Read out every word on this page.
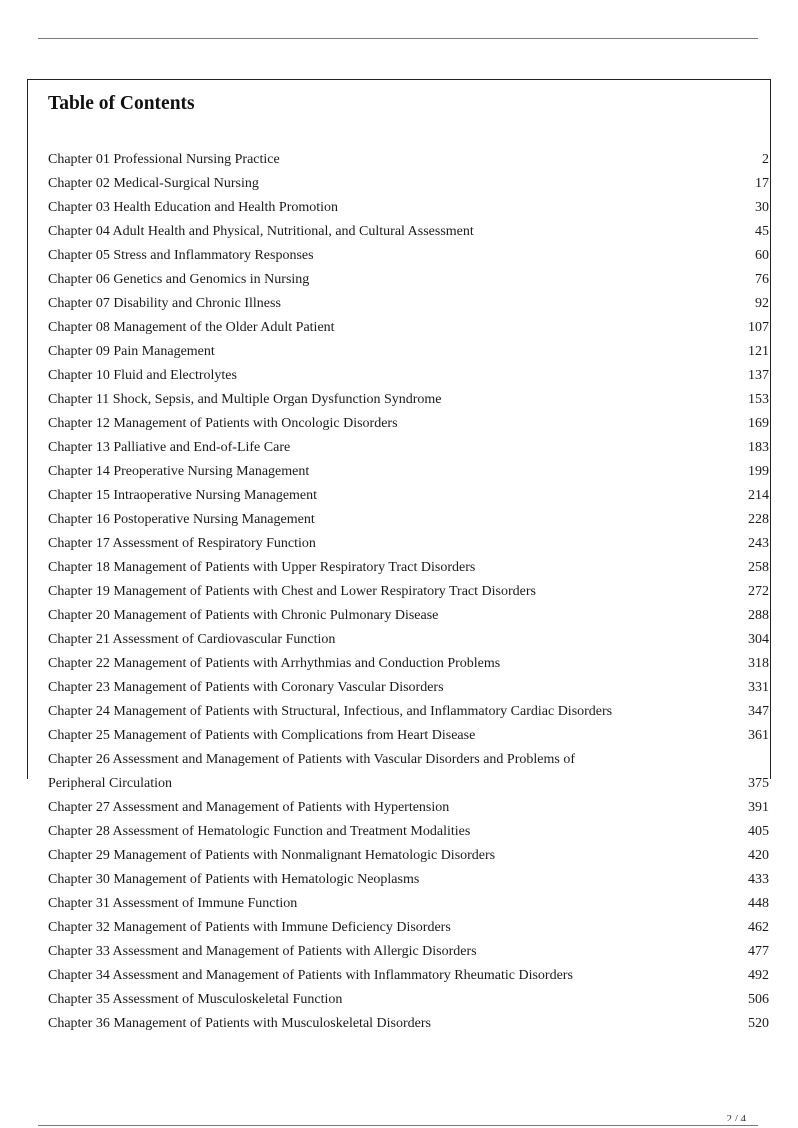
Table of Contents
Chapter 01 Professional Nursing Practice	2
Chapter 02 Medical-Surgical Nursing	17
Chapter 03 Health Education and Health Promotion	30
Chapter 04 Adult Health and Physical, Nutritional, and Cultural Assessment	45
Chapter 05 Stress and Inflammatory Responses	60
Chapter 06 Genetics and Genomics in Nursing	76
Chapter 07 Disability and Chronic Illness	92
Chapter 08 Management of the Older Adult Patient	107
Chapter 09 Pain Management	121
Chapter 10 Fluid and Electrolytes	137
Chapter 11 Shock, Sepsis, and Multiple Organ Dysfunction Syndrome	153
Chapter 12 Management of Patients with Oncologic Disorders	169
Chapter 13 Palliative and End-of-Life Care	183
Chapter 14 Preoperative Nursing Management	199
Chapter 15 Intraoperative Nursing Management	214
Chapter 16 Postoperative Nursing Management	228
Chapter 17 Assessment of Respiratory Function	243
Chapter 18 Management of Patients with Upper Respiratory Tract Disorders	258
Chapter 19 Management of Patients with Chest and Lower Respiratory Tract Disorders	272
Chapter 20 Management of Patients with Chronic Pulmonary Disease	288
Chapter 21 Assessment of Cardiovascular Function	304
Chapter 22 Management of Patients with Arrhythmias and Conduction Problems	318
Chapter 23 Management of Patients with Coronary Vascular Disorders	331
Chapter 24 Management of Patients with Structural, Infectious, and Inflammatory Cardiac Disorders	347
Chapter 25 Management of Patients with Complications from Heart Disease	361
Chapter 26 Assessment and Management of Patients with Vascular Disorders and Problems of Peripheral Circulation	375
Chapter 27 Assessment and Management of Patients with Hypertension	391
Chapter 28 Assessment of Hematologic Function and Treatment Modalities	405
Chapter 29 Management of Patients with Nonmalignant Hematologic Disorders	420
Chapter 30 Management of Patients with Hematologic Neoplasms	433
Chapter 31 Assessment of Immune Function	448
Chapter 32 Management of Patients with Immune Deficiency Disorders	462
Chapter 33 Assessment and Management of Patients with Allergic Disorders	477
Chapter 34 Assessment and Management of Patients with Inflammatory Rheumatic Disorders	492
Chapter 35 Assessment of Musculoskeletal Function	506
Chapter 36 Management of Patients with Musculoskeletal Disorders	520
2 / 4
